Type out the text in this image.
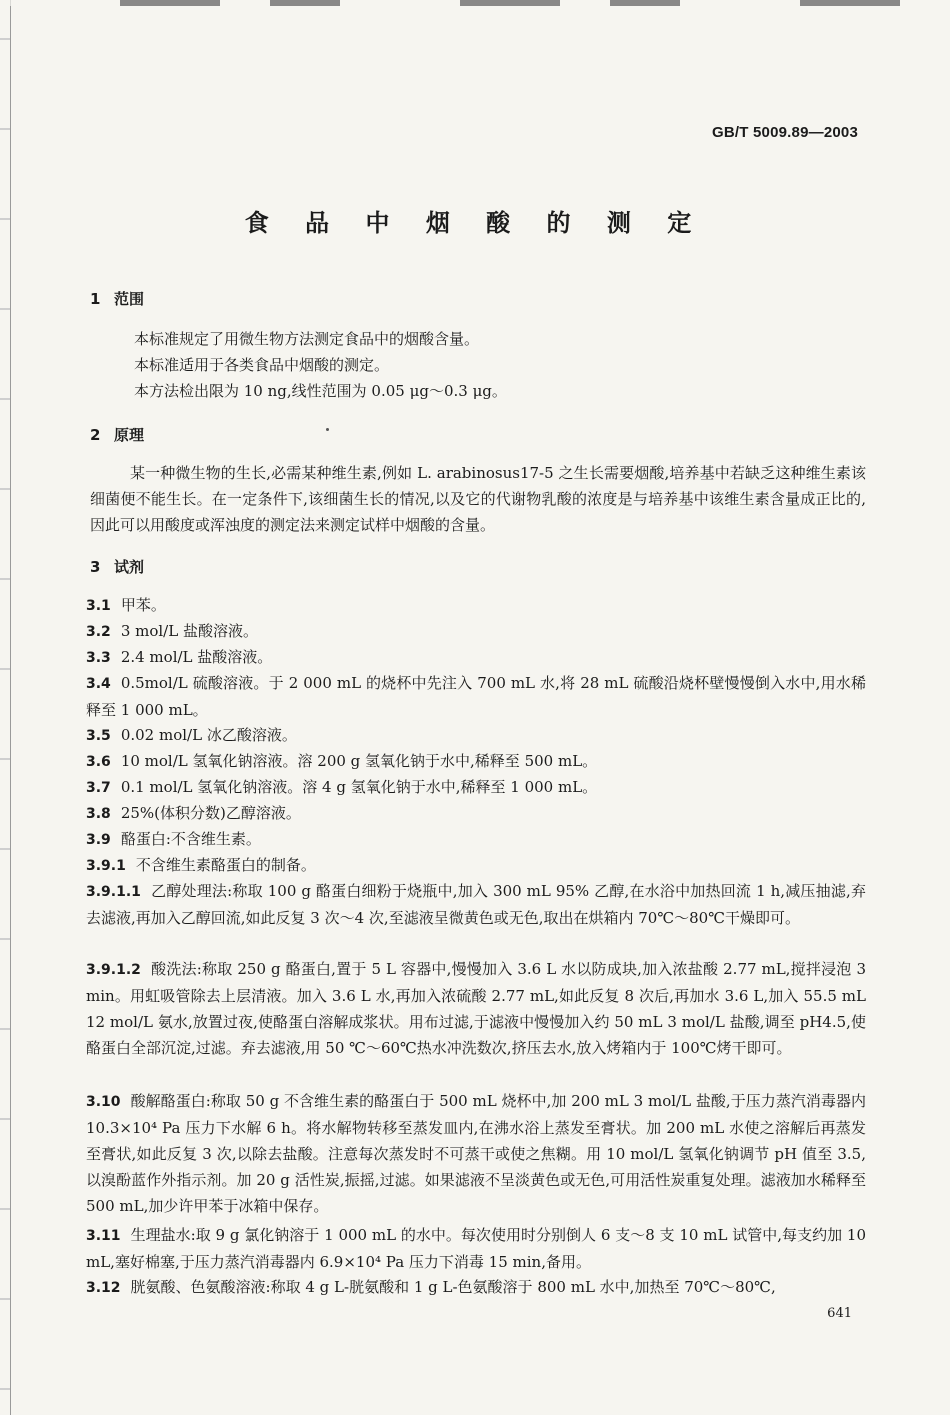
GB/T 5009.89—2003
食 品 中 烟 酸 的 测 定
1 范围
本标准规定了用微生物方法测定食品中的烟酸含量。
本标准适用于各类食品中烟酸的测定。
本方法检出限为 10 ng,线性范围为 0.05 μg～0.3 μg。
2 原理
某一种微生物的生长,必需某种维生素,例如 L. arabinosus17-5 之生长需要烟酸,培养基中若缺乏这种维生素该细菌便不能生长。在一定条件下,该细菌生长的情况,以及它的代谢物乳酸的浓度是与培养基中该维生素含量成正比的,因此可以用酸度或浑浊度的测定法来测定试样中烟酸的含量。
3 试剂
3.1 甲苯。
3.2 3 mol/L 盐酸溶液。
3.3 2.4 mol/L 盐酸溶液。
3.4 0.5mol/L 硫酸溶液。于 2 000 mL 的烧杯中先注入 700 mL 水,将 28 mL 硫酸沿烧杯壁慢慢倒入水中,用水稀释至 1 000 mL。
3.5 0.02 mol/L 冰乙酸溶液。
3.6 10 mol/L 氢氧化钠溶液。溶 200 g 氢氧化钠于水中,稀释至 500 mL。
3.7 0.1 mol/L 氢氧化钠溶液。溶 4 g 氢氧化钠于水中,稀释至 1 000 mL。
3.8 25%(体积分数)乙醇溶液。
3.9 酪蛋白:不含维生素。
3.9.1 不含维生素酪蛋白的制备。
3.9.1.1 乙醇处理法:称取 100 g 酪蛋白细粉于烧瓶中,加入 300 mL 95% 乙醇,在水浴中加热回流 1 h,减压抽滤,弃去滤液,再加入乙醇回流,如此反复 3 次～4 次,至滤液呈微黄色或无色,取出在烘箱内 70℃～80℃干燥即可。
3.9.1.2 酸洗法:称取 250 g 酪蛋白,置于 5 L 容器中,慢慢加入 3.6 L 水以防成块,加入浓盐酸 2.77 mL,搅拌浸泡 3 min。用虹吸管除去上层清液。加入 3.6 L 水,再加入浓硫酸 2.77 mL,如此反复 8 次后,再加水 3.6 L,加入 55.5 mL 12 mol/L 氨水,放置过夜,使酪蛋白溶解成浆状。用布过滤,于滤液中慢慢加入约 50 mL 3 mol/L 盐酸,调至 pH4.5,使酪蛋白全部沉淀,过滤。弃去滤液,用 50 ℃～60℃热水冲洗数次,挤压去水,放入烤箱内于 100℃烤干即可。
3.10 酸解酪蛋白:称取 50 g 不含维生素的酪蛋白于 500 mL 烧杯中,加 200 mL 3 mol/L 盐酸,于压力蒸汽消毒器内 10.3×10⁴ Pa 压力下水解 6 h。将水解物转移至蒸发皿内,在沸水浴上蒸发至膏状。加 200 mL 水使之溶解后再蒸发至膏状,如此反复 3 次,以除去盐酸。注意每次蒸发时不可蒸干或使之焦糊。用 10 mol/L 氢氧化钠调节 pH 值至 3.5,以溴酚蓝作外指示剂。加 20 g 活性炭,振摇,过滤。如果滤液不呈淡黄色或无色,可用活性炭重复处理。滤液加水稀释至 500 mL,加少许甲苯于冰箱中保存。
3.11 生理盐水:取 9 g 氯化钠溶于 1 000 mL 的水中。每次使用时分别倒人 6 支～8 支 10 mL 试管中,每支约加 10 mL,塞好棉塞,于压力蒸汽消毒器内 6.9×10⁴ Pa 压力下消毒 15 min,备用。
3.12 胱氨酸、色氨酸溶液:称取 4 g L-胱氨酸和 1 g L-色氨酸溶于 800 mL 水中,加热至 70℃～80℃,
641
